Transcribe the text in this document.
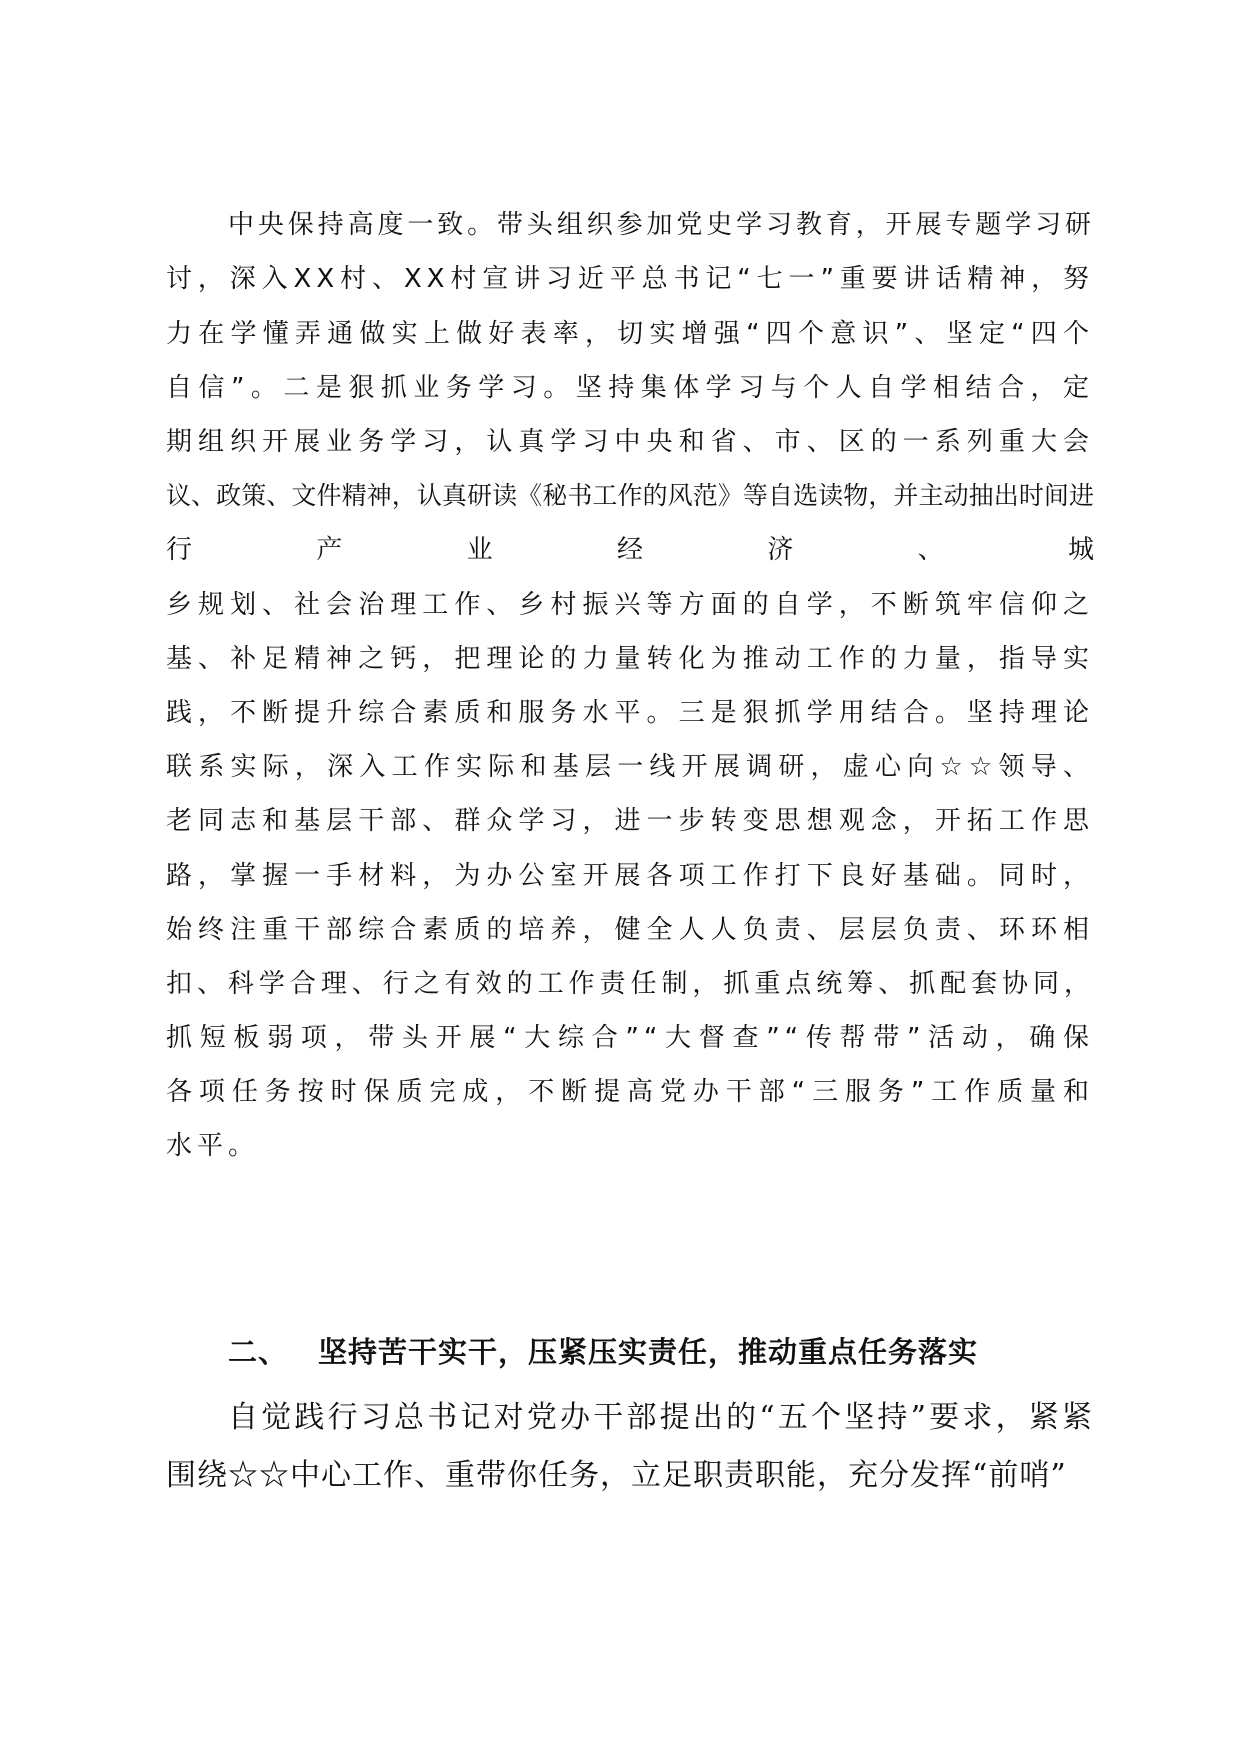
中央保持高度一致。带头组织参加党史学习教育，开展专题学习研
讨，深入XX村、XX村宣讲习近平总书记“七一”重要讲话精神，努
力在学懂弄通做实上做好表率，切实增强“四个意识”、坚定“四个
自信”。二是狠抓业务学习。坚持集体学习与个人自学相结合，定
期组织开展业务学习，认真学习中央和省、市、区的一系列重大会
议、政策、文件精神，认真研读《秘书工作的风范》等自选读物，并主动抽出时间进
行	产	业	经	济	、	城
乡规划、社会治理工作、乡村振兴等方面的自学，不断筑牢信仰之
基、补足精神之钙，把理论的力量转化为推动工作的力量，指导实
践，不断提升综合素质和服务水平。三是狠抓学用结合。坚持理论
联系实际，深入工作实际和基层一线开展调研，虚心向☆☆领导、
老同志和基层干部、群众学习，进一步转变思想观念，开拓工作思
路，掌握一手材料，为办公室开展各项工作打下良好基础。同时，
始终注重干部综合素质的培养，健全人人负责、层层负责、环环相
扣、科学合理、行之有效的工作责任制，抓重点统筹、抓配套协同，
抓短板弱项，带头开展“大综合”“大督查”“传帮带”活动，确保
各项任务按时保质完成，不断提高党办干部“三服务”工作质量和
水平。
二、 坚持苦干实干，压紧压实责任，推动重点任务落实
自觉践行习总书记对党办干部提出的“五个坚持”要求，紧紧
围绕☆☆中心工作、重带你任务，立足职责职能，充分发挥“前哨”
